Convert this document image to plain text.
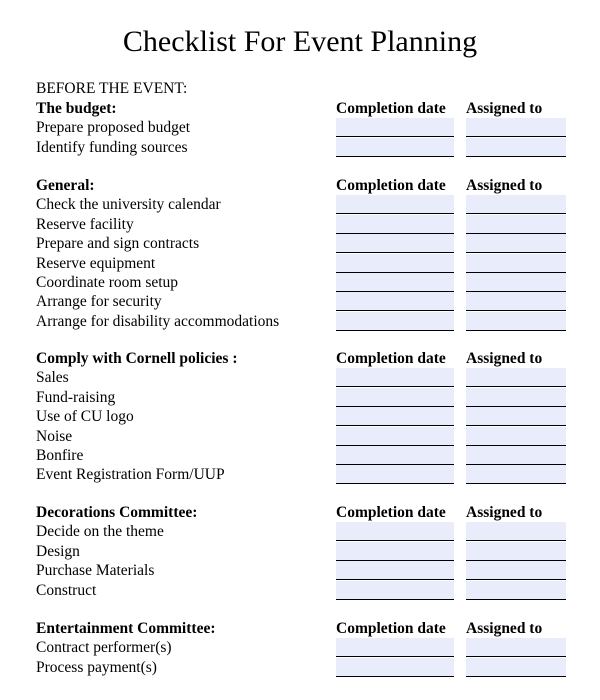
Checklist For Event Planning
BEFORE THE EVENT:
The budget:	Completion date Assigned to
Prepare proposed budget
Identify funding sources
General:	Completion date Assigned to
Check the university calendar
Reserve facility
Prepare and sign contracts
Reserve equipment
Coordinate room setup
Arrange for security
Arrange for disability accommodations
Comply with Cornell policies :	Completion date Assigned to
Sales
Fund-raising
Use of CU logo
Noise
Bonfire
Event Registration Form/UUP
Decorations Committee:	Completion date Assigned to
Decide on the theme
Design
Purchase Materials
Construct
Entertainment Committee:	Completion date Assigned to
Contract performer(s)
Process payment(s)
